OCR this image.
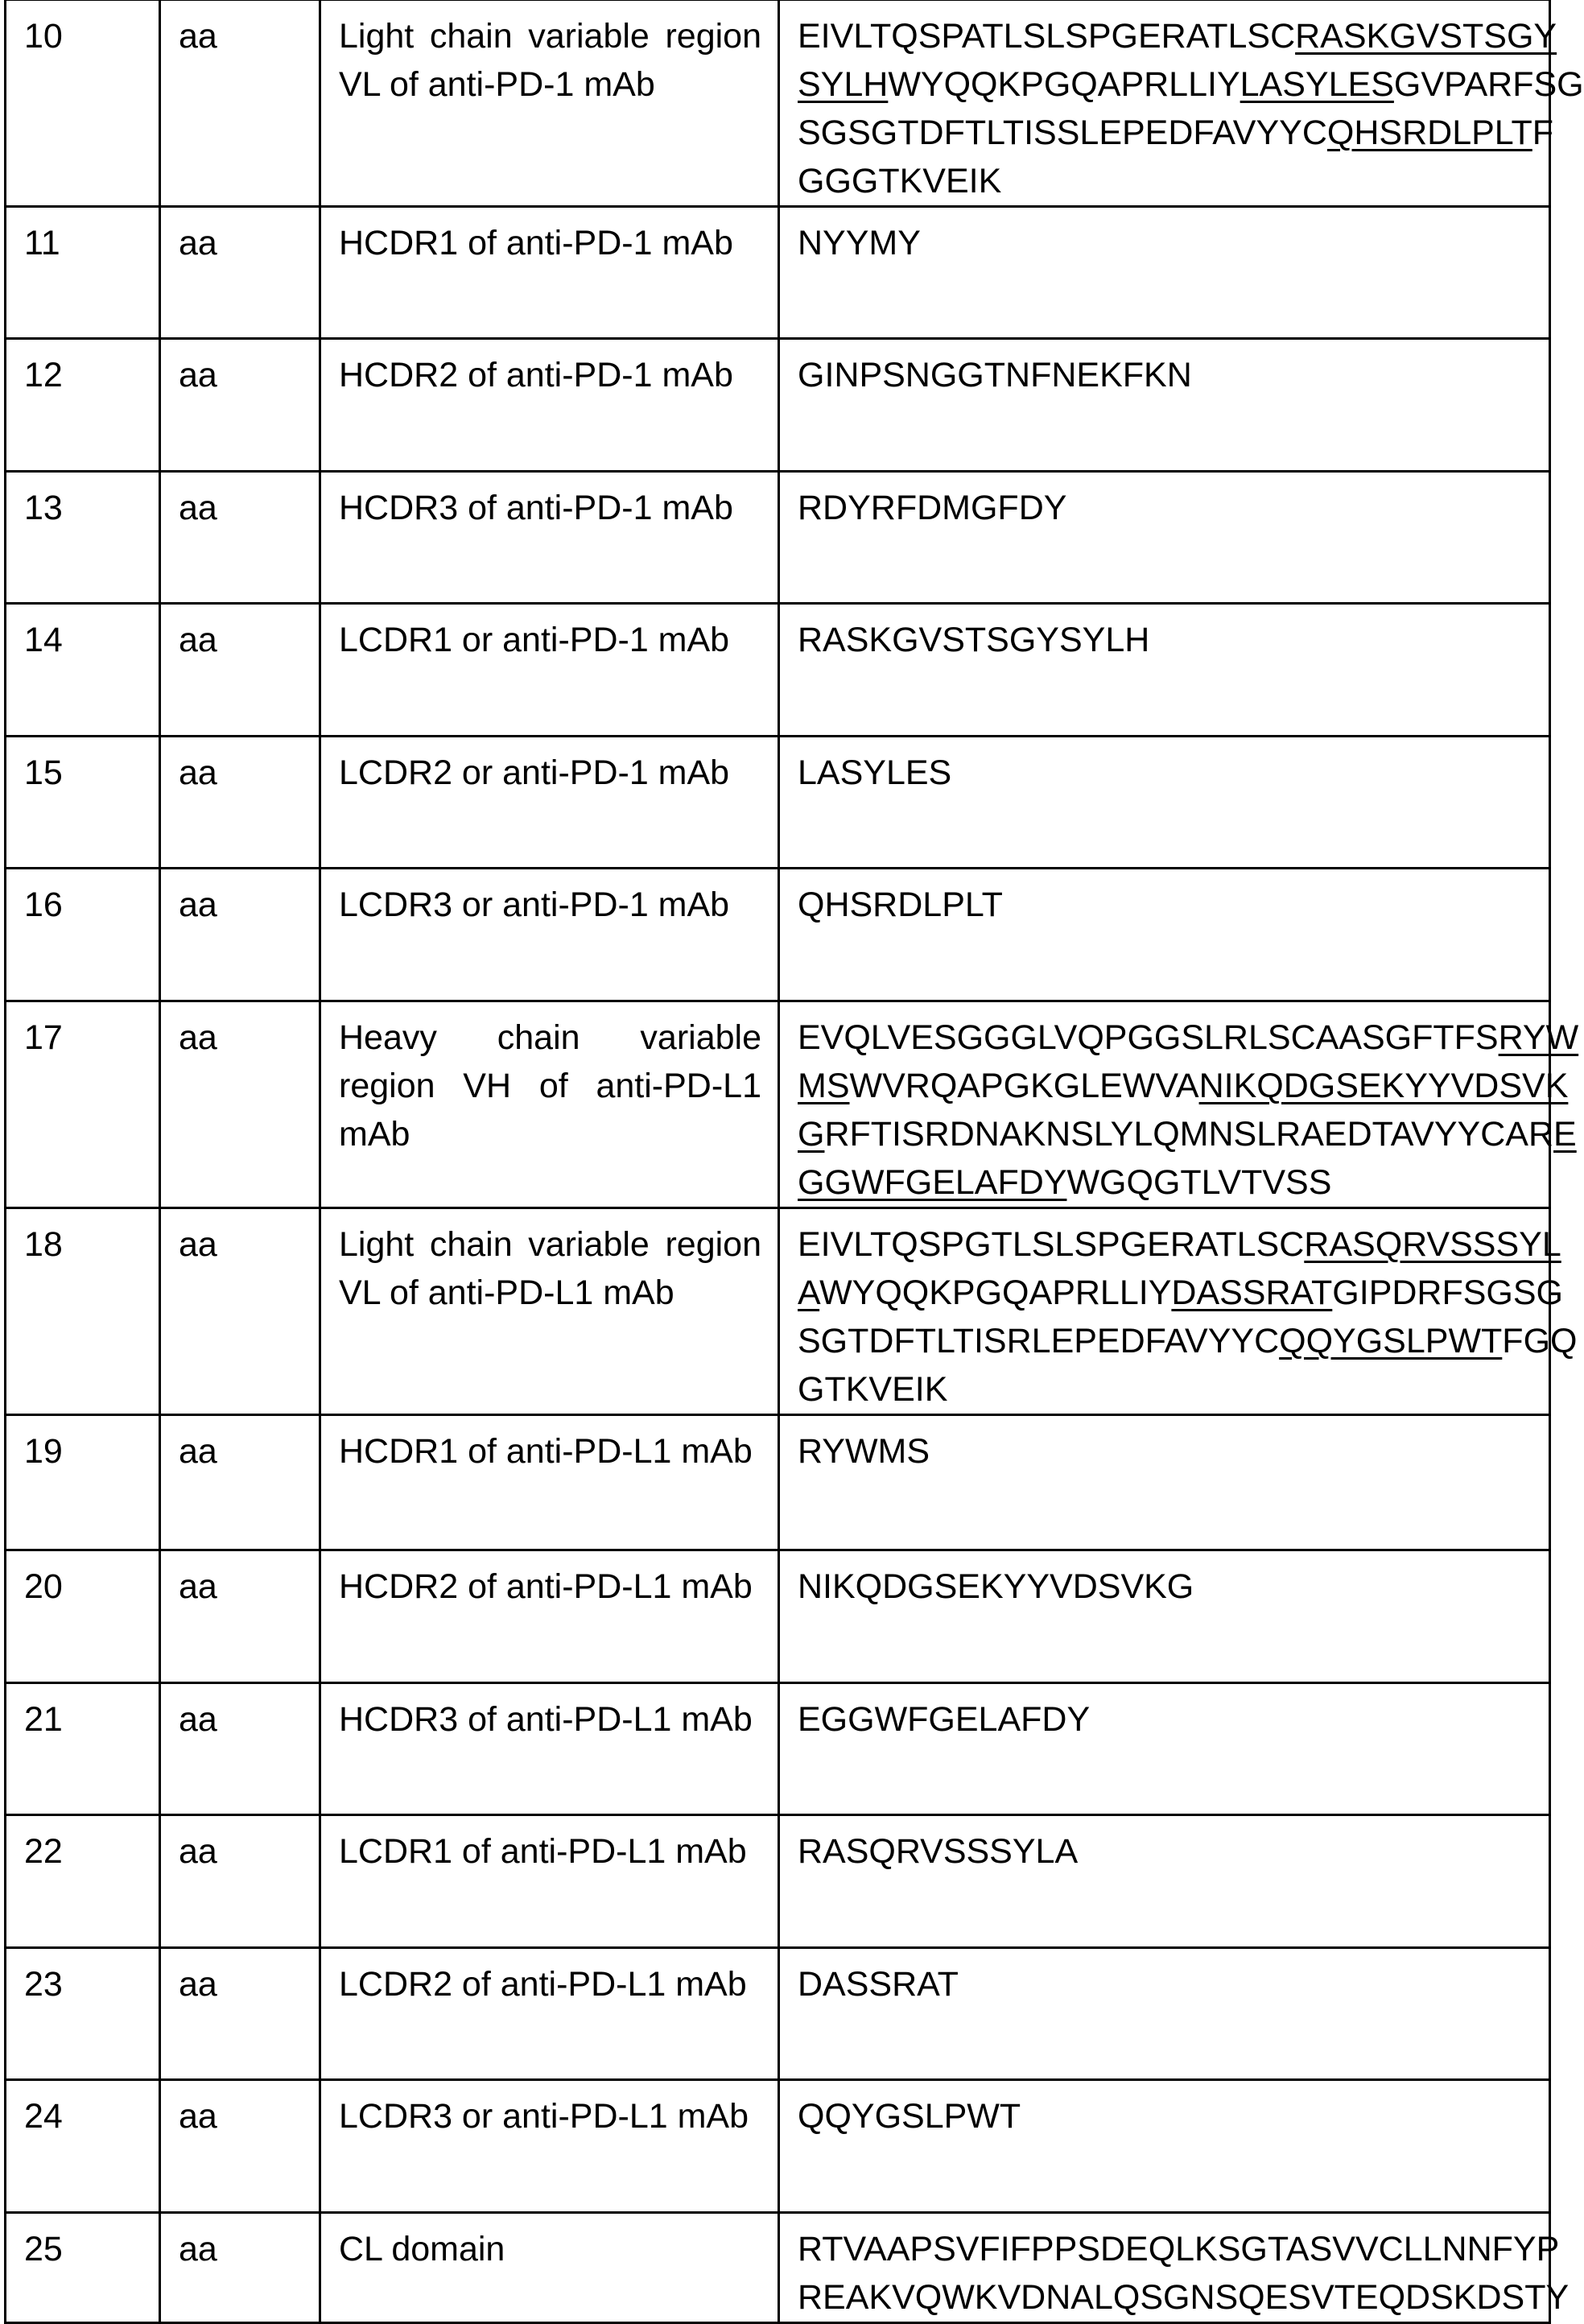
10	aa	Light chain variable region VL of anti-PD-1 mAb	
EIVLTQSPATLSLSPGERATLSCRASKGVSTSGY
SYLHWYQQKPGQAPRLLIYLASYLESGVPARFSG
SGSGTDFTLTISSLEPEDFAVYYCQHSRDLPLTF
GGGTKVEIK

11	aa	HCDR1 of anti-PD-1 mAb	NYYMY

12	aa	HCDR2 of anti-PD-1 mAb	GINPSNGGTNFNEKFKN

13	aa	HCDR3 of anti-PD-1 mAb	RDYRFDMGFDY

14	aa	LCDR1 or anti-PD-1 mAb	RASKGVSTSGYSYLH

15	aa	LCDR2 or anti-PD-1 mAb	LASYLES

16	aa	LCDR3 or anti-PD-1 mAb	QHSRDLPLT

17	aa	Heavy chain variable region VH of anti-PD-L1 mAb	
EVQLVESGGGLVQPGGSLRLSCAASGFTFSRYW
MSWVRQAPGKGLEWVANIKQDGSEKYYVDSVK
GRFTISRDNAKNSLYLQMNSLRAEDTAVYYCARE
GGWFGELAFDYWGQGTLVTVSS

18	aa	Light chain variable region VL of anti-PD-L1 mAb	
EIVLTQSPGTLSLSPGERATLSCRASQRVSSSYL
AWYQQKPGQAPRLLIYDASSRATGIPDRFSGSG
SGTDFTLTISRLEPEDFAVYYCQQYGSLPWTFGQ
GTKVEIK

19	aa	HCDR1 of anti-PD-L1 mAb	RYWMS

20	aa	HCDR2 of anti-PD-L1 mAb	NIKQDGSEKYYVDSVKG

21	aa	HCDR3 of anti-PD-L1 mAb	EGGWFGELAFDY

22	aa	LCDR1 of anti-PD-L1 mAb	RASQRVSSSYLA

23	aa	LCDR2 of anti-PD-L1 mAb	DASSRAT

24	aa	LCDR3 or anti-PD-L1 mAb	QQYGSLPWT

25	aa	CL domain	RTVAAPSVFIFPPSDEQLKSGTASVVCLLNNFYP
REAKVQWKVDNALQSGNSQESVTEQDSKDSTY
